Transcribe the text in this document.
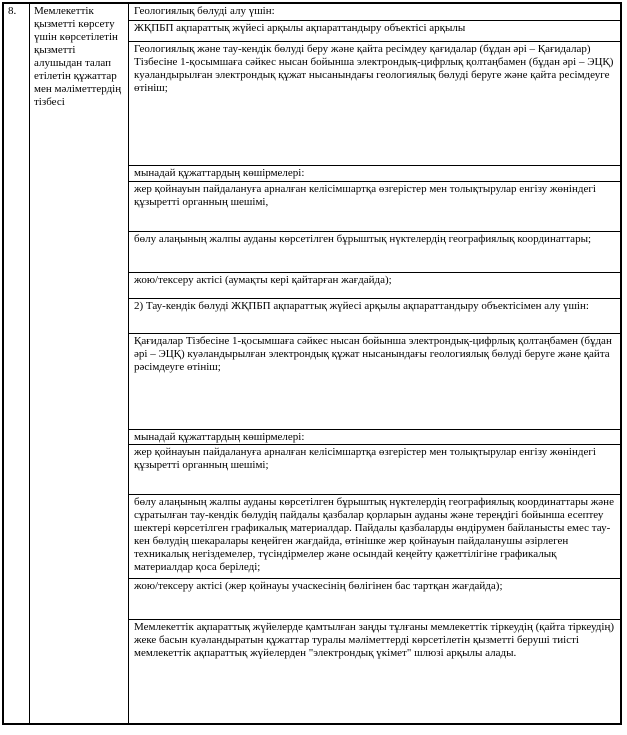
8.	Мемлекеттік қызметті көрсету үшін көрсетілетін қызметті алушыдан талап етілетін құжаттар мен мәліметтердің тізбесі
Геологиялық бөлуді алу үшін:
ЖҚПБП ақпараттық жүйесі арқылы ақпараттандыру объектісі арқылы
Геологиялық және тау-кендік бөлуді беру және қайта ресімдеу қағидалар (бұдан әрі – Қағидалар) Тізбесіне 1-қосымшаға сәйкес нысан бойынша электрондық-цифрлық қолтаңбамен (бұдан әрі – ЭЦҚ) куәландырылған электрондық құжат нысанындағы геологиялық бөлуді беруге және қайта ресімдеуге өтініш;
мынадай құжаттардың көшірмелері:
жер қойнауын пайдалануға арналған келісімшартқа өзгерістер мен толықтырулар енгізу жөніндегі құзыретті органның шешімі,
бөлу алаңының жалпы ауданы көрсетілген бұрыштық нүктелердің географиялық координаттары;
жою/тексеру актісі (аумақты кері қайтарған жағдайда);
2) Тау-кендік бөлуді ЖҚПБП ақпараттық жүйесі арқылы ақпараттандыру объектісімен алу үшін:
Қағидалар Тізбесіне 1-қосымшаға сәйкес нысан бойынша электрондық-цифрлық қолтаңбамен (бұдан әрі – ЭЦҚ) куәландырылған электрондық құжат нысанындағы геологиялық бөлуді беруге және қайта рәсімдеуге өтініш;
мынадай құжаттардың көшірмелері:
жер қойнауын пайдалануға арналған келісімшартқа өзгерістер мен толықтырулар енгізу жөніндегі құзыретті органның шешімі;
бөлу алаңының жалпы ауданы көрсетілген бұрыштық нүктелердің географиялық координаттары және сұратылған тау-кендік бөлудің пайдалы қазбалар қорларын ауданы және тереңдігі бойынша есептеу шектері көрсетілген графикалық материалдар. Пайдалы қазбаларды өндірумен байланысты емес тау-кен бөлудің шекаралары кеңейген жағдайда, өтінішке жер қойнауын пайдаланушы әзірлеген техникалық негіздемелер, түсіндірмелер және осындай кеңейту қажеттілігіне графикалық материалдар қоса беріледі;
жою/тексеру актісі (жер қойнауы учаскесінің бөлігінен бас тартқан жағдайда);
Мемлекеттік ақпараттық жүйелерде қамтылған заңды тұлғаны мемлекеттік тіркеудің (қайта тіркеудің) жеке басын куәландыратын құжаттар туралы мәліметтерді көрсетілетін қызметті беруші тиісті мемлекеттік ақпараттық жүйелерден "электрондық үкімет" шлюзі арқылы алады.
